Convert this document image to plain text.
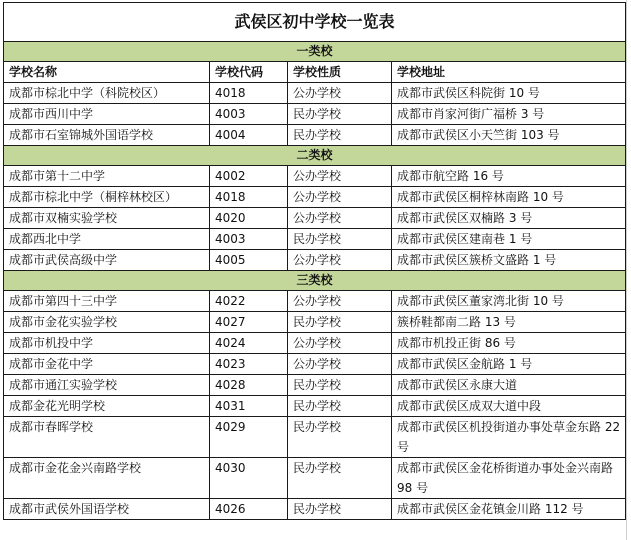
武侯区初中学校一览表			
一类校			
学校名称	学校代码	学校性质	学校地址
成都市棕北中学（科院校区）	4018	公办学校	成都市武侯区科院街 10 号
成都市西川中学	4003	民办学校	成都市肖家河街广福桥 3 号
成都市石室锦城外国语学校	4004	民办学校	成都市武侯区小天竺街 103 号
二类校			
成都市第十二中学	4002	公办学校	成都市航空路 16 号
成都市棕北中学（桐梓林校区）	4018	公办学校	成都市武侯区桐梓林南路 10 号
成都市双楠实验学校	4020	公办学校	成都市武侯区双楠路 3 号
成都西北中学	4003	民办学校	成都市武侯区建南巷 1 号
成都市武侯高级中学	4005	公办学校	成都市武侯区簇桥文盛路 1 号
三类校			
成都市第四十三中学	4022	公办学校	成都市武侯区董家湾北街 10 号
成都市金花实验学校	4027	民办学校	簇桥鞋都南二路 13 号
成都市机投中学	4024	公办学校	成都市机投正街 86 号
成都市金花中学	4023	公办学校	成都市武侯区金航路 1 号
成都市通江实验学校	4028	民办学校	成都市武侯区永康大道
成都金花光明学校	4031	民办学校	成都市武侯区成双大道中段
成都市春晖学校	4029	民办学校	成都市武侯区机投街道办事处草金东路 22 号
成都市金花金兴南路学校	4030	民办学校	成都市武侯区金花桥街道办事处金兴南路 98 号
成都市武侯外国语学校	4026	民办学校	成都市武侯区金花镇金川路 112 号
